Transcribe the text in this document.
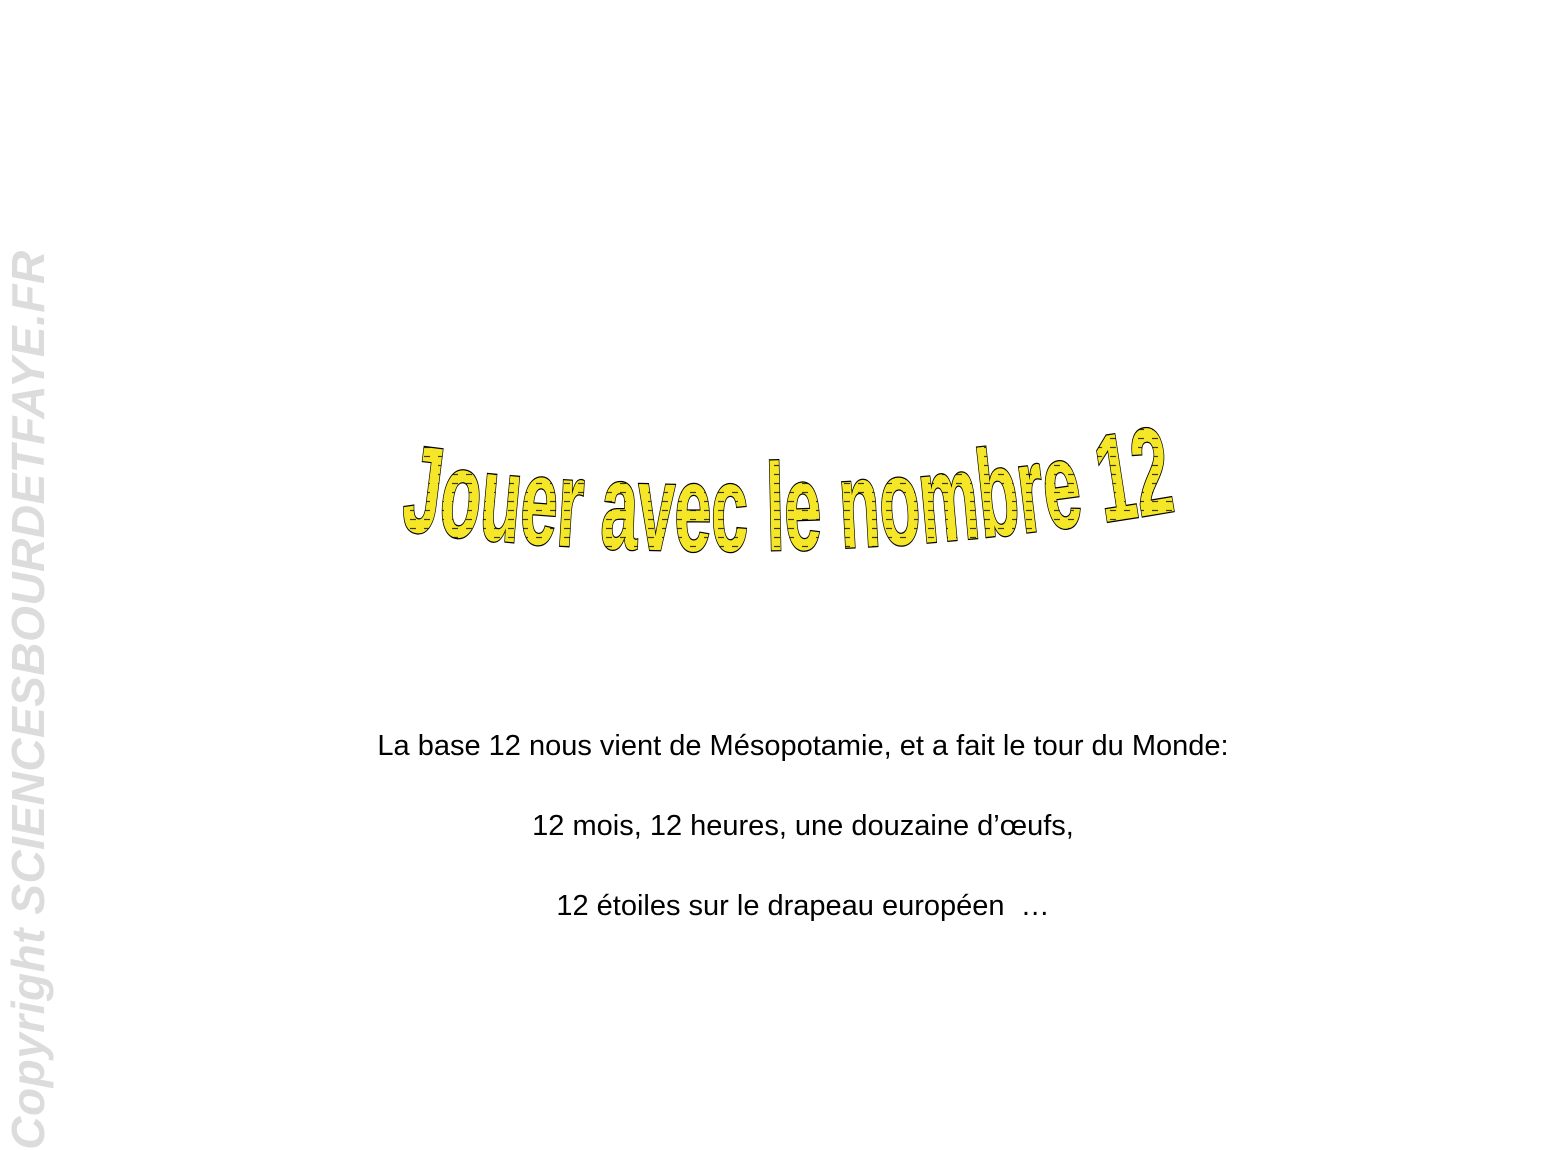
Copyright SCIENCESBOURDETFAYE.FR	Jouer avec le nombre 12
La base 12 nous vient de Mésopotamie, et a fait le tour du Monde:
12 mois, 12 heures, une douzaine d’œufs,
12 étoiles sur le drapeau européen  …
